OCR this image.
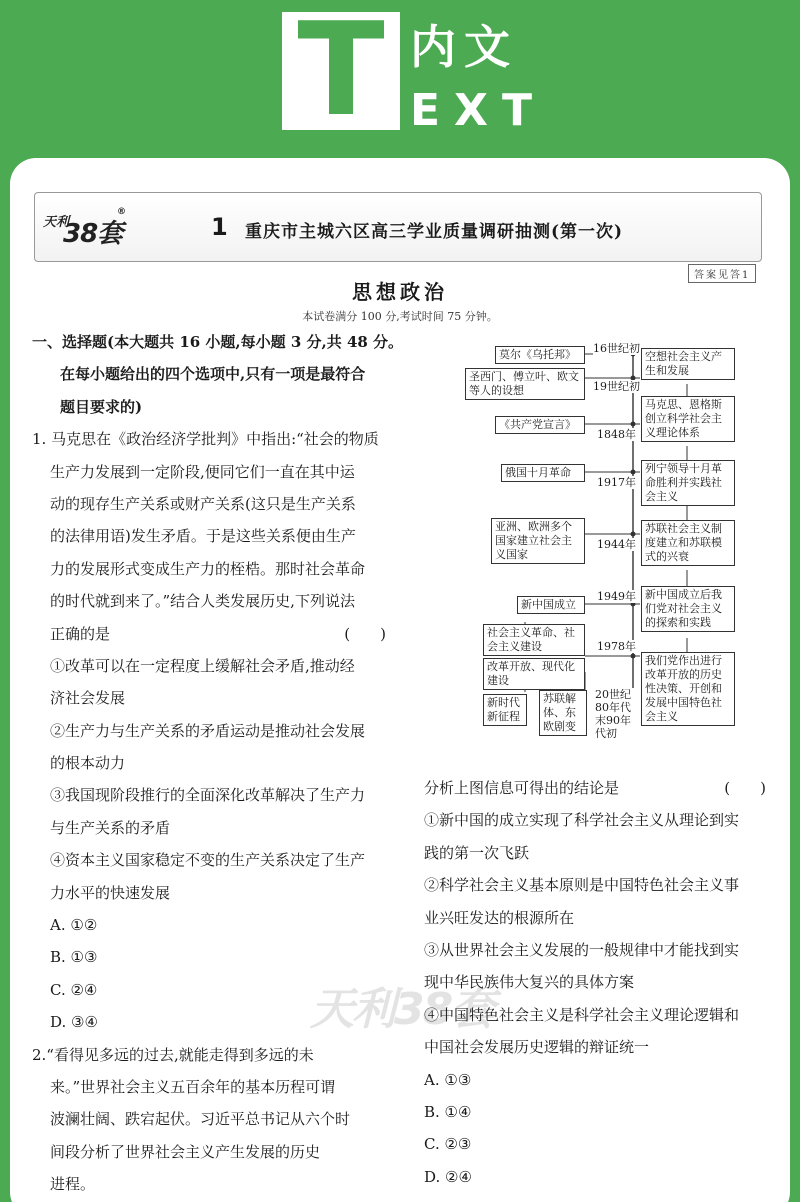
T 内文
EXT
天利
38套
®
1 重庆市主城六区高三学业质量调研抽测(第一次)
答案见答1
思想政治
本试卷满分 100 分,考试时间 75 分钟。
天利38套
一、选择题(本大题共 16 小题,每小题 3 分,共 48 分。
在每小题给出的四个选项中,只有一项是最符合
题目要求的)
1. 马克思在《政治经济学批判》中指出:“社会的物质
生产力发展到一定阶段,便同它们一直在其中运
动的现存生产关系或财产关系(这只是生产关系
的法律用语)发生矛盾。于是这些关系便由生产
力的发展形式变成生产力的桎梏。那时社会革命
的时代就到来了。”结合人类发展历史,下列说法
正确的是	(　　)
①改革可以在一定程度上缓解社会矛盾,推动经
济社会发展
②生产力与生产关系的矛盾运动是推动社会发展
的根本动力
③我国现阶段推行的全面深化改革解决了生产力
与生产关系的矛盾
④资本主义国家稳定不变的生产关系决定了生产
力水平的快速发展
A. ①②
B. ①③
C. ②④
D. ③④
2.“看得见多远的过去,就能走得到多远的未
来。”世界社会主义五百余年的基本历程可谓
波澜壮阔、跌宕起伏。习近平总书记从六个时
间段分析了世界社会主义产生发展的历史
进程。
分析上图信息可得出的结论是	(　　)
①新中国的成立实现了科学社会主义从理论到实
践的第一次飞跃
②科学社会主义基本原则是中国特色社会主义事
业兴旺发达的根源所在
③从世界社会主义发展的一般规律中才能找到实
现中华民族伟大复兴的具体方案
④中国特色社会主义是科学社会主义理论逻辑和
中国社会发展历史逻辑的辩证统一
A. ①③
B. ①④
C. ②③
D. ②④
莫尔《乌托邦》
圣西门、傅立叶、欧文等人的设想
《共产党宣言》
俄国十月革命
亚洲、欧洲多个国家建立社会主义国家
新中国成立
社会主义革命、社会主义建设
改革开放、现代化建设
新时代新征程
苏联解体、东欧剧变
16世纪初
19世纪初
1848年
1917年
1944年
1949年
1978年
20世纪80年代末90年代初
空想社会主义产生和发展
马克思、恩格斯创立科学社会主义理论体系
列宁领导十月革命胜利并实践社会主义
苏联社会主义制度建立和苏联模式的兴衰
新中国成立后我们党对社会主义的探索和实践
我们党作出进行改革开放的历史性决策、开创和发展中国特色社会主义
